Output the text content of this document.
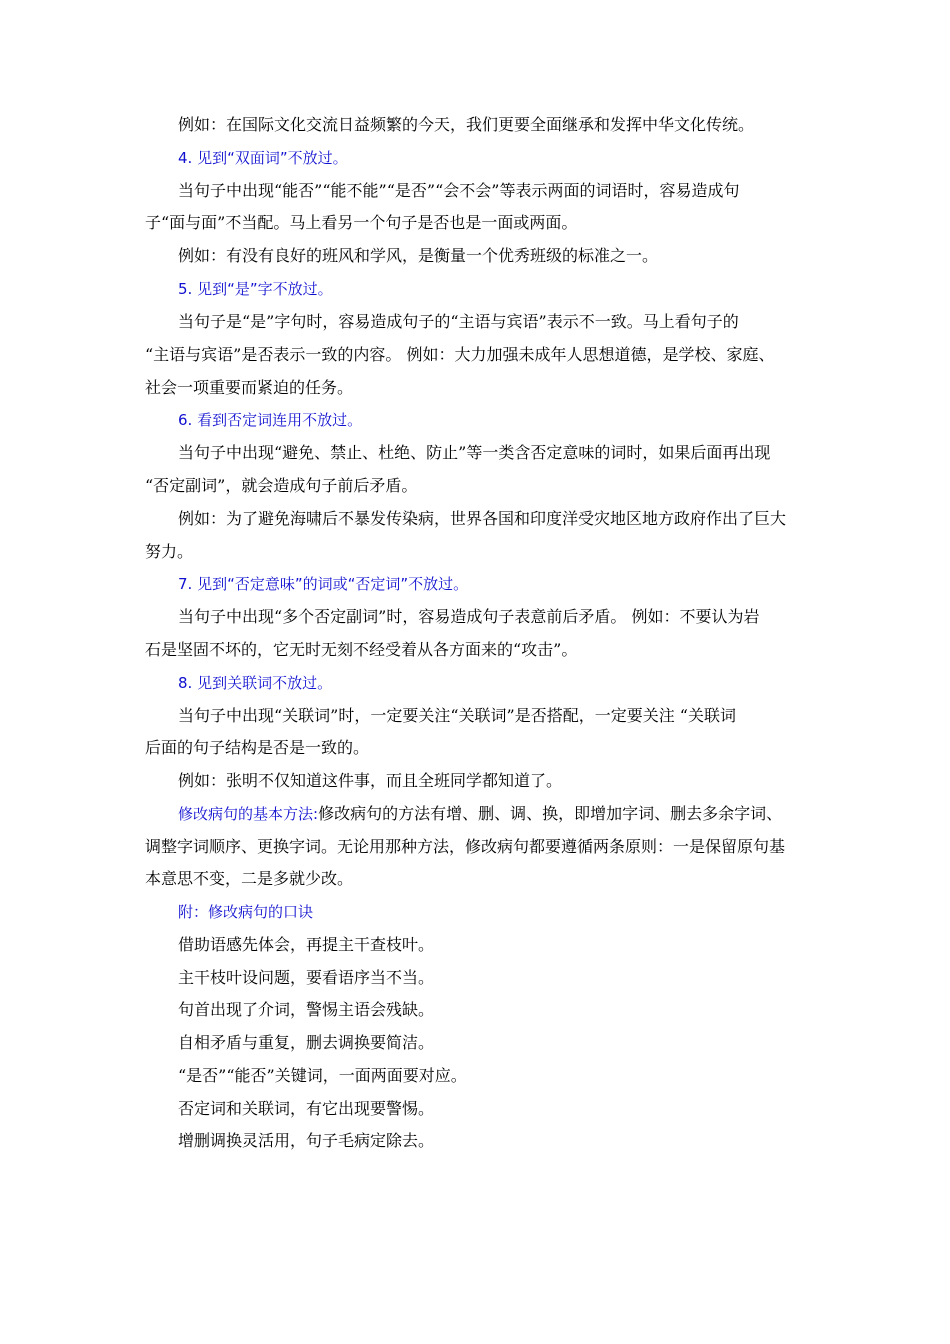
例如：在国际文化交流日益频繁的今天，我们更要全面继承和发挥中华文化传统。
4. 见到“双面词”不放过。
当句子中出现“能否”“能不能”“是否”“会不会”等表示两面的词语时，容易造成句
子“面与面”不当配。马上看另一个句子是否也是一面或两面。
例如：有没有良好的班风和学风，是衡量一个优秀班级的标准之一。
5. 见到“是”字不放过。
当句子是“是”字句时，容易造成句子的“主语与宾语”表示不一致。马上看句子的
“主语与宾语”是否表示一致的内容。 例如：大力加强未成年人思想道德，是学校、家庭、
社会一项重要而紧迫的任务。
6. 看到否定词连用不放过。
当句子中出现“避免、禁止、杜绝、防止”等一类含否定意味的词时，如果后面再出现
“否定副词”，就会造成句子前后矛盾。
例如：为了避免海啸后不暴发传染病，世界各国和印度洋受灾地区地方政府作出了巨大
努力。
7. 见到“否定意味”的词或“否定词”不放过。
当句子中出现“多个否定副词”时，容易造成句子表意前后矛盾。 例如：不要认为岩
石是坚固不坏的，它无时无刻不经受着从各方面来的“攻击”。
8. 见到关联词不放过。
当句子中出现“关联词”时，一定要关注“关联词”是否搭配，一定要关注 “关联词
后面的句子结构是否是一致的。
例如：张明不仅知道这件事，而且全班同学都知道了。
修改病句的基本方法:修改病句的方法有增、删、调、换，即增加字词、删去多余字词、
调整字词顺序、更换字词。无论用那种方法，修改病句都要遵循两条原则：一是保留原句基
本意思不变，二是多就少改。
附：修改病句的口诀
借助语感先体会，再提主干查枝叶。
主干枝叶设问题，要看语序当不当。
句首出现了介词，警惕主语会残缺。
自相矛盾与重复，删去调换要简洁。
“是否”“能否”关键词，一面两面要对应。
否定词和关联词，有它出现要警惕。
增删调换灵活用，句子毛病定除去。
